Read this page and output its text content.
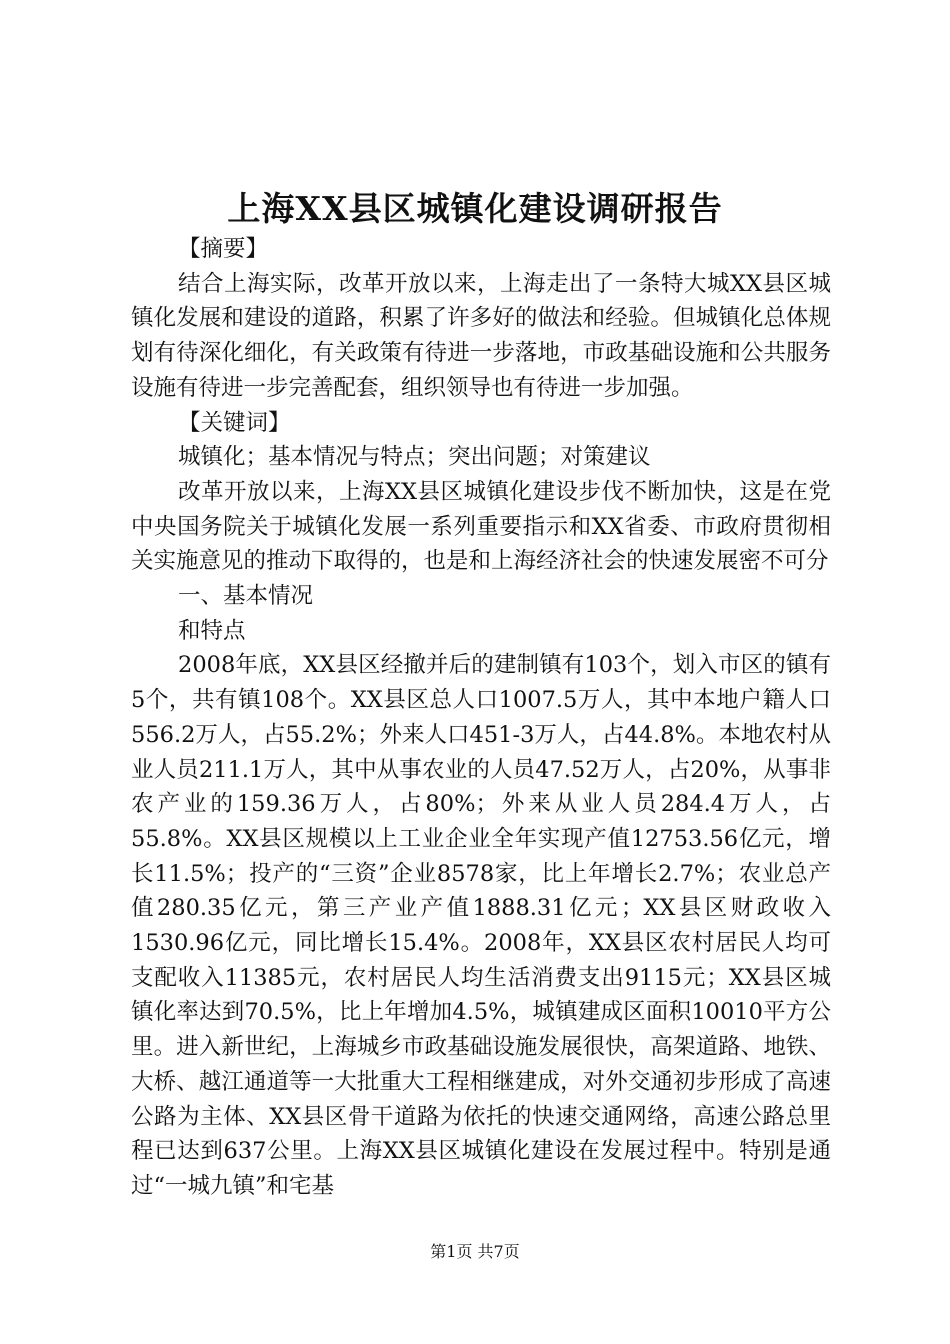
上海XX县区城镇化建设调研报告

【摘要】

结合上海实际，改革开放以来，上海走出了一条特大城XX县区城镇化发展和建设的道路，积累了许多好的做法和经验。但城镇化总体规划有待深化细化，有关政策有待进一步落地，市政基础设施和公共服务设施有待进一步完善配套，组织领导也有待进一步加强。

【关键词】

城镇化；基本情况与特点；突出问题；对策建议

改革开放以来，上海XX县区城镇化建设步伐不断加快，这是在党中央国务院关于城镇化发展一系列重要指示和XX省委、市政府贯彻相关实施意见的推动下取得的，也是和上海经济社会的快速发展密不可分

一、基本情况

和特点

2008年底，XX县区经撤并后的建制镇有103个，划入市区的镇有5个，共有镇108个。XX县区总人口1007.5万人，其中本地户籍人口556.2万人，占55.2%；外来人口451-3万人，占44.8%。本地农村从业人员211.1万人，其中从事农业的人员47.52万人，占20%，从事非农产业的159.36万人，占80%；外来从业人员284.4万人，占55.8%。XX县区规模以上工业企业全年实现产值12753.56亿元，增长11.5%；投产的“三资”企业8578家，比上年增长2.7%；农业总产值280.35亿元，第三产业产值1888.31亿元；XX县区财政收入1530.96亿元，同比增长15.4%。2008年，XX县区农村居民人均可支配收入11385元，农村居民人均生活消费支出9115元；XX县区城镇化率达到70.5%，比上年增加4.5%，城镇建成区面积10010平方公里。进入新世纪，上海城乡市政基础设施发展很快，高架道路、地铁、大桥、越江通道等一大批重大工程相继建成，对外交通初步形成了高速公路为主体、XX县区骨干道路为依托的快速交通网络，高速公路总里程已达到637公里。上海XX县区城镇化建设在发展过程中。特别是通过“一城九镇”和宅基

第1页 共7页
